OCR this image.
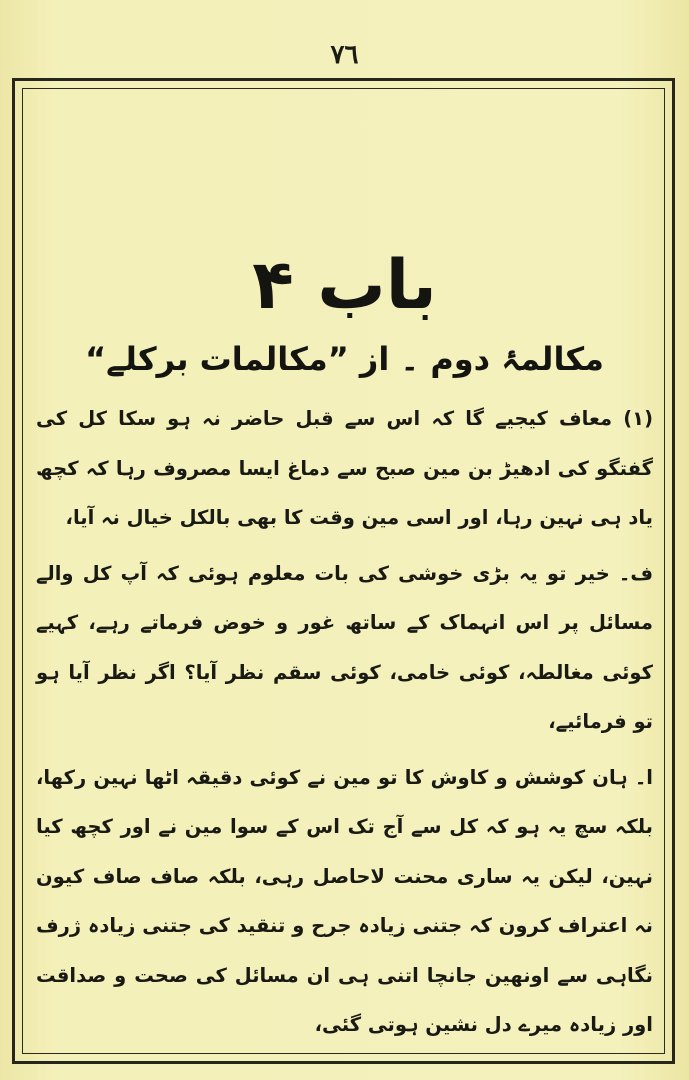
۷٦
باب ۴
مکالمۂ دوم ۔ از ”مکالمات برکلے“

(۱) معاف کیجیے گا کہ اس سے قبل حاضر نہ ہو سکا کل کی گفتگو کی ادھیڑ بن مین صبح سے دماغ ایسا مصروف رہا کہ کچھ یاد ہی نہین رہا، اور اسی مین وقت کا بھی بالکل خیال نہ آیا،

ف۔ خیر تو یہ بڑی خوشی کی بات معلوم ہوئی کہ آپ کل والے مسائل پر اس انہماک کے ساتھ غور و خوض فرماتے رہے، کہیے کوئی مغالطہ، کوئی خامی، کوئی سقم نظر آیا؟ اگر نظر آیا ہو تو فرمائیے،

ا۔ ہان کوشش و کاوش کا تو مین نے کوئی دقیقہ اٹھا نہین رکھا، بلکہ سچ یہ ہو کہ کل سے آج تک اس کے سوا مین نے اور کچھ کیا نہین، لیکن یہ ساری محنت لاحاصل رہی، بلکہ صاف صاف کیون نہ اعتراف کرون کہ جتنی زیادہ جرح و تنقید کی جتنی زیادہ ژرف نگاہی سے اونھین جانچا اتنی ہی ان مسائل کی صحت و صداقت اور زیادہ میرے دل نشین ہوتی گئی،
